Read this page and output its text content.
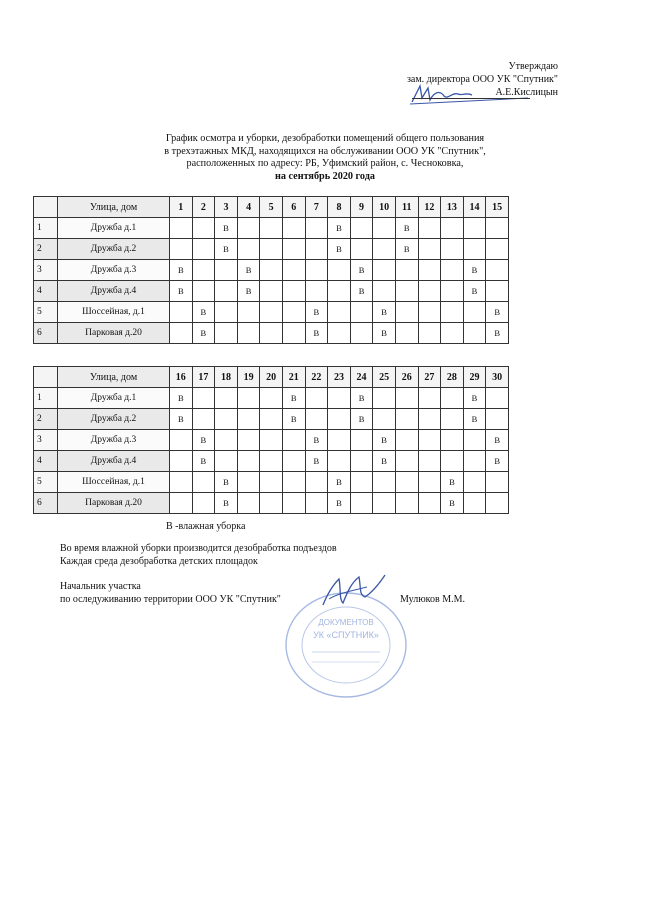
Утверждаю
зам. директора ООО УК "Спутник"
А.Е.Кислицын
График осмотра и уборки, дезобработки помещений общего пользования
в трехэтажных МКД, находящихся на обслуживании ООО УК "Спутник",
расположенных по адресу: РБ, Уфимский район, с. Чесноковка,
на сентябрь 2020 года
	Улица, дом	1	2	3	4	5	6	7	8	9	10	11	12	13	14	15
1	Дружба д.1			В					В			В				
2	Дружба д.2			В					В			В				
3	Дружба д.3	В			В					В					В	
4	Дружба д.4	В			В					В					В	
5	Шоссейная, д.1		В					В			В					В
6	Парковая д.20		В					В			В					В
	Улица, дом	16	17	18	19	20	21	22	23	24	25	26	27	28	29	30
1	Дружба д.1	В					В			В					В	
2	Дружба д.2	В					В			В					В	
3	Дружба д.3		В					В			В					В
4	Дружба д.4		В					В			В					В
5	Шоссейная, д.1			В					В					В		
6	Парковая д.20			В					В					В		
В -влажная уборка
Во время влажной уборки производится дезобработка подъездов
Каждая среда дезобработка детских площадок
Начальник участка
по оследуживанию территории ООО УК "Спутник"	Мулюков М.М.
ДОКУМЕНТОВ
УК «СПУТНИК»
